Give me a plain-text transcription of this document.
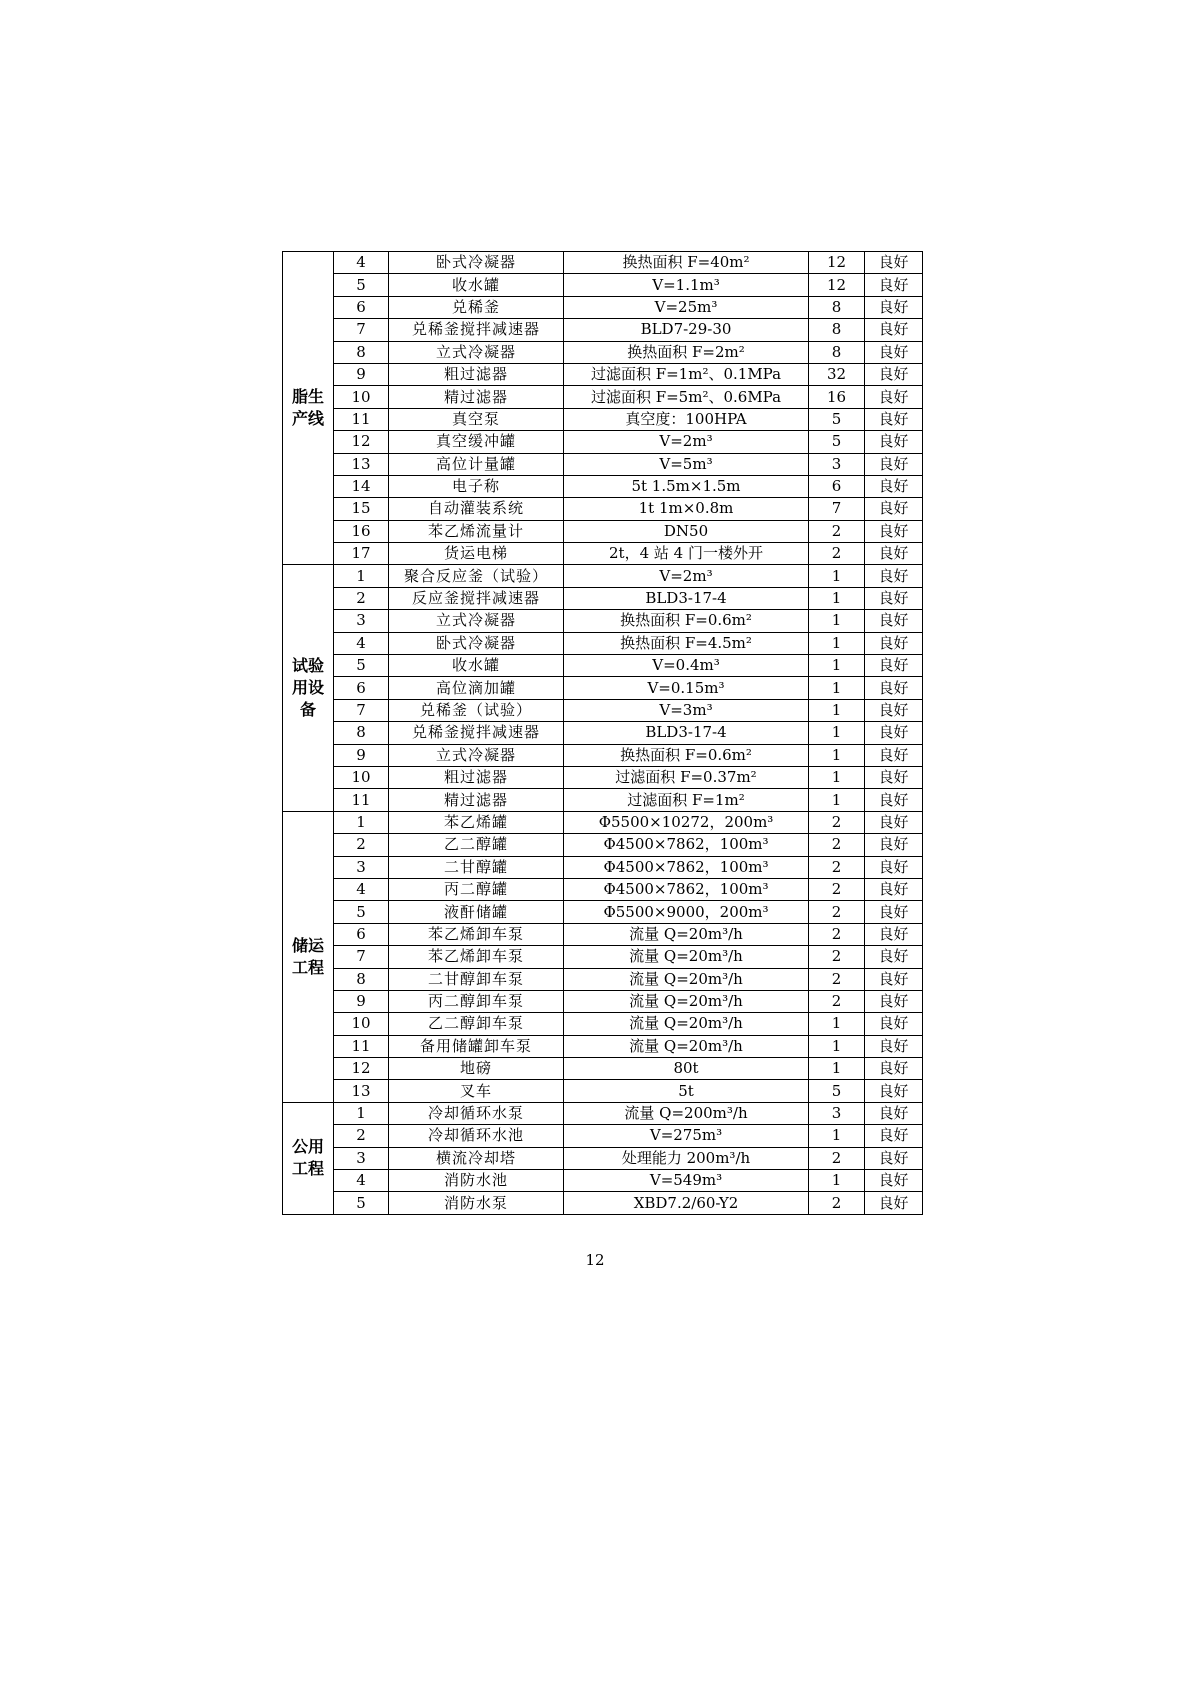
脂生产线	4	卧式冷凝器	换热面积 F=40m²	12	良好
	5	收水罐	V=1.1m³	12	良好
	6	兑稀釜	V=25m³	8	良好
	7	兑稀釜搅拌减速器	BLD7-29-30	8	良好
	8	立式冷凝器	换热面积 F=2m²	8	良好
	9	粗过滤器	过滤面积 F=1m²、0.1MPa	32	良好
	10	精过滤器	过滤面积 F=5m²、0.6MPa	16	良好
	11	真空泵	真空度：100HPA	5	良好
	12	真空缓冲罐	V=2m³	5	良好
	13	高位计量罐	V=5m³	3	良好
	14	电子称	5t 1.5m×1.5m	6	良好
	15	自动灌装系统	1t 1m×0.8m	7	良好
	16	苯乙烯流量计	DN50	2	良好
	17	货运电梯	2t，4 站 4 门一楼外开	2	良好

试验用设备	1	聚合反应釜（试验）	V=2m³	1	良好
	2	反应釜搅拌减速器	BLD3-17-4	1	良好
	3	立式冷凝器	换热面积 F=0.6m²	1	良好
	4	卧式冷凝器	换热面积 F=4.5m²	1	良好
	5	收水罐	V=0.4m³	1	良好
	6	高位滴加罐	V=0.15m³	1	良好
	7	兑稀釜（试验）	V=3m³	1	良好
	8	兑稀釜搅拌减速器	BLD3-17-4	1	良好
	9	立式冷凝器	换热面积 F=0.6m²	1	良好
	10	粗过滤器	过滤面积 F=0.37m²	1	良好
	11	精过滤器	过滤面积 F=1m²	1	良好

储运工程	1	苯乙烯罐	Φ5500×10272，200m³	2	良好
	2	乙二醇罐	Φ4500×7862，100m³	2	良好
	3	二甘醇罐	Φ4500×7862，100m³	2	良好
	4	丙二醇罐	Φ4500×7862，100m³	2	良好
	5	液酐储罐	Φ5500×9000，200m³	2	良好
	6	苯乙烯卸车泵	流量 Q=20m³/h	2	良好
	7	苯乙烯卸车泵	流量 Q=20m³/h	2	良好
	8	二甘醇卸车泵	流量 Q=20m³/h	2	良好
	9	丙二醇卸车泵	流量 Q=20m³/h	2	良好
	10	乙二醇卸车泵	流量 Q=20m³/h	1	良好
	11	备用储罐卸车泵	流量 Q=20m³/h	1	良好
	12	地磅	80t	1	良好
	13	叉车	5t	5	良好

公用工程	1	冷却循环水泵	流量 Q=200m³/h	3	良好
	2	冷却循环水池	V=275m³	1	良好
	3	横流冷却塔	处理能力 200m³/h	2	良好
	4	消防水池	V=549m³	1	良好
	5	消防水泵	XBD7.2/60-Y2	2	良好
12
